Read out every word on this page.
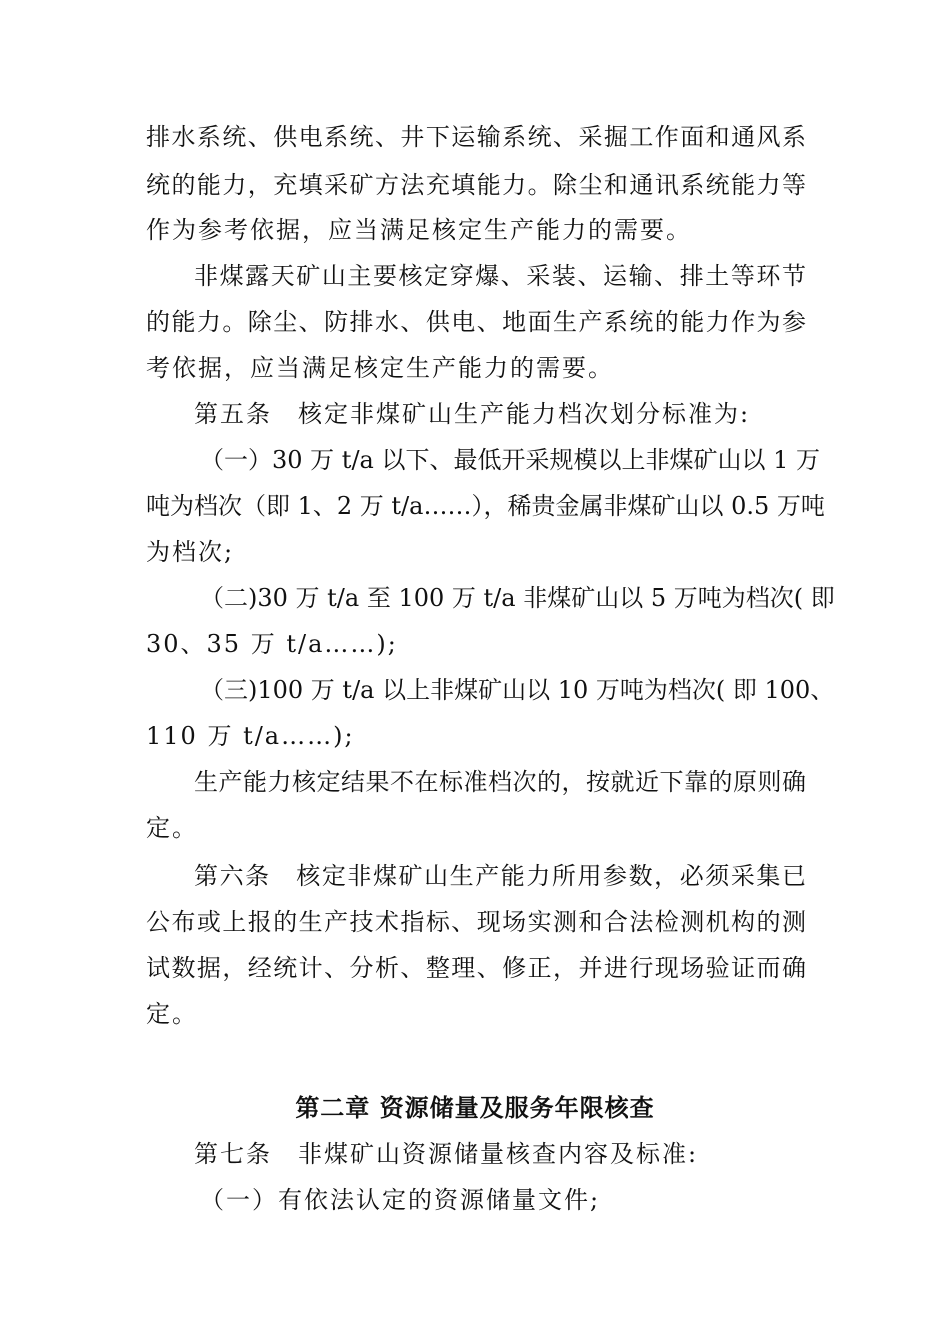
排水系统、供电系统、井下运输系统、采掘工作面和通风系
统的能力，充填采矿方法充填能力。除尘和通讯系统能力等
作为参考依据，应当满足核定生产能力的需要。
非煤露天矿山主要核定穿爆、采装、运输、排土等环节
的能力。除尘、防排水、供电、地面生产系统的能力作为参
考依据，应当满足核定生产能力的需要。
第五条　核定非煤矿山生产能力档次划分标准为:
（一）30 万 t/a 以下、最低开采规模以上非煤矿山以 1 万
吨为档次（即 1、2 万 t/a……），稀贵金属非煤矿山以 0.5 万吨
为档次;
（二)30 万 t/a 至 100 万 t/a 非煤矿山以 5 万吨为档次( 即
30、35 万 t/a……);
（三)100 万 t/a 以上非煤矿山以 10 万吨为档次( 即 100、
110 万 t/a……);
生产能力核定结果不在标准档次的，按就近下靠的原则确
定。
第六条　核定非煤矿山生产能力所用参数，必须采集已
公布或上报的生产技术指标、现场实测和合法检测机构的测
试数据，经统计、分析、整理、修正，并进行现场验证而确
定。
第二章 资源储量及服务年限核查
第七条　非煤矿山资源储量核查内容及标准:
（一）有依法认定的资源储量文件;
